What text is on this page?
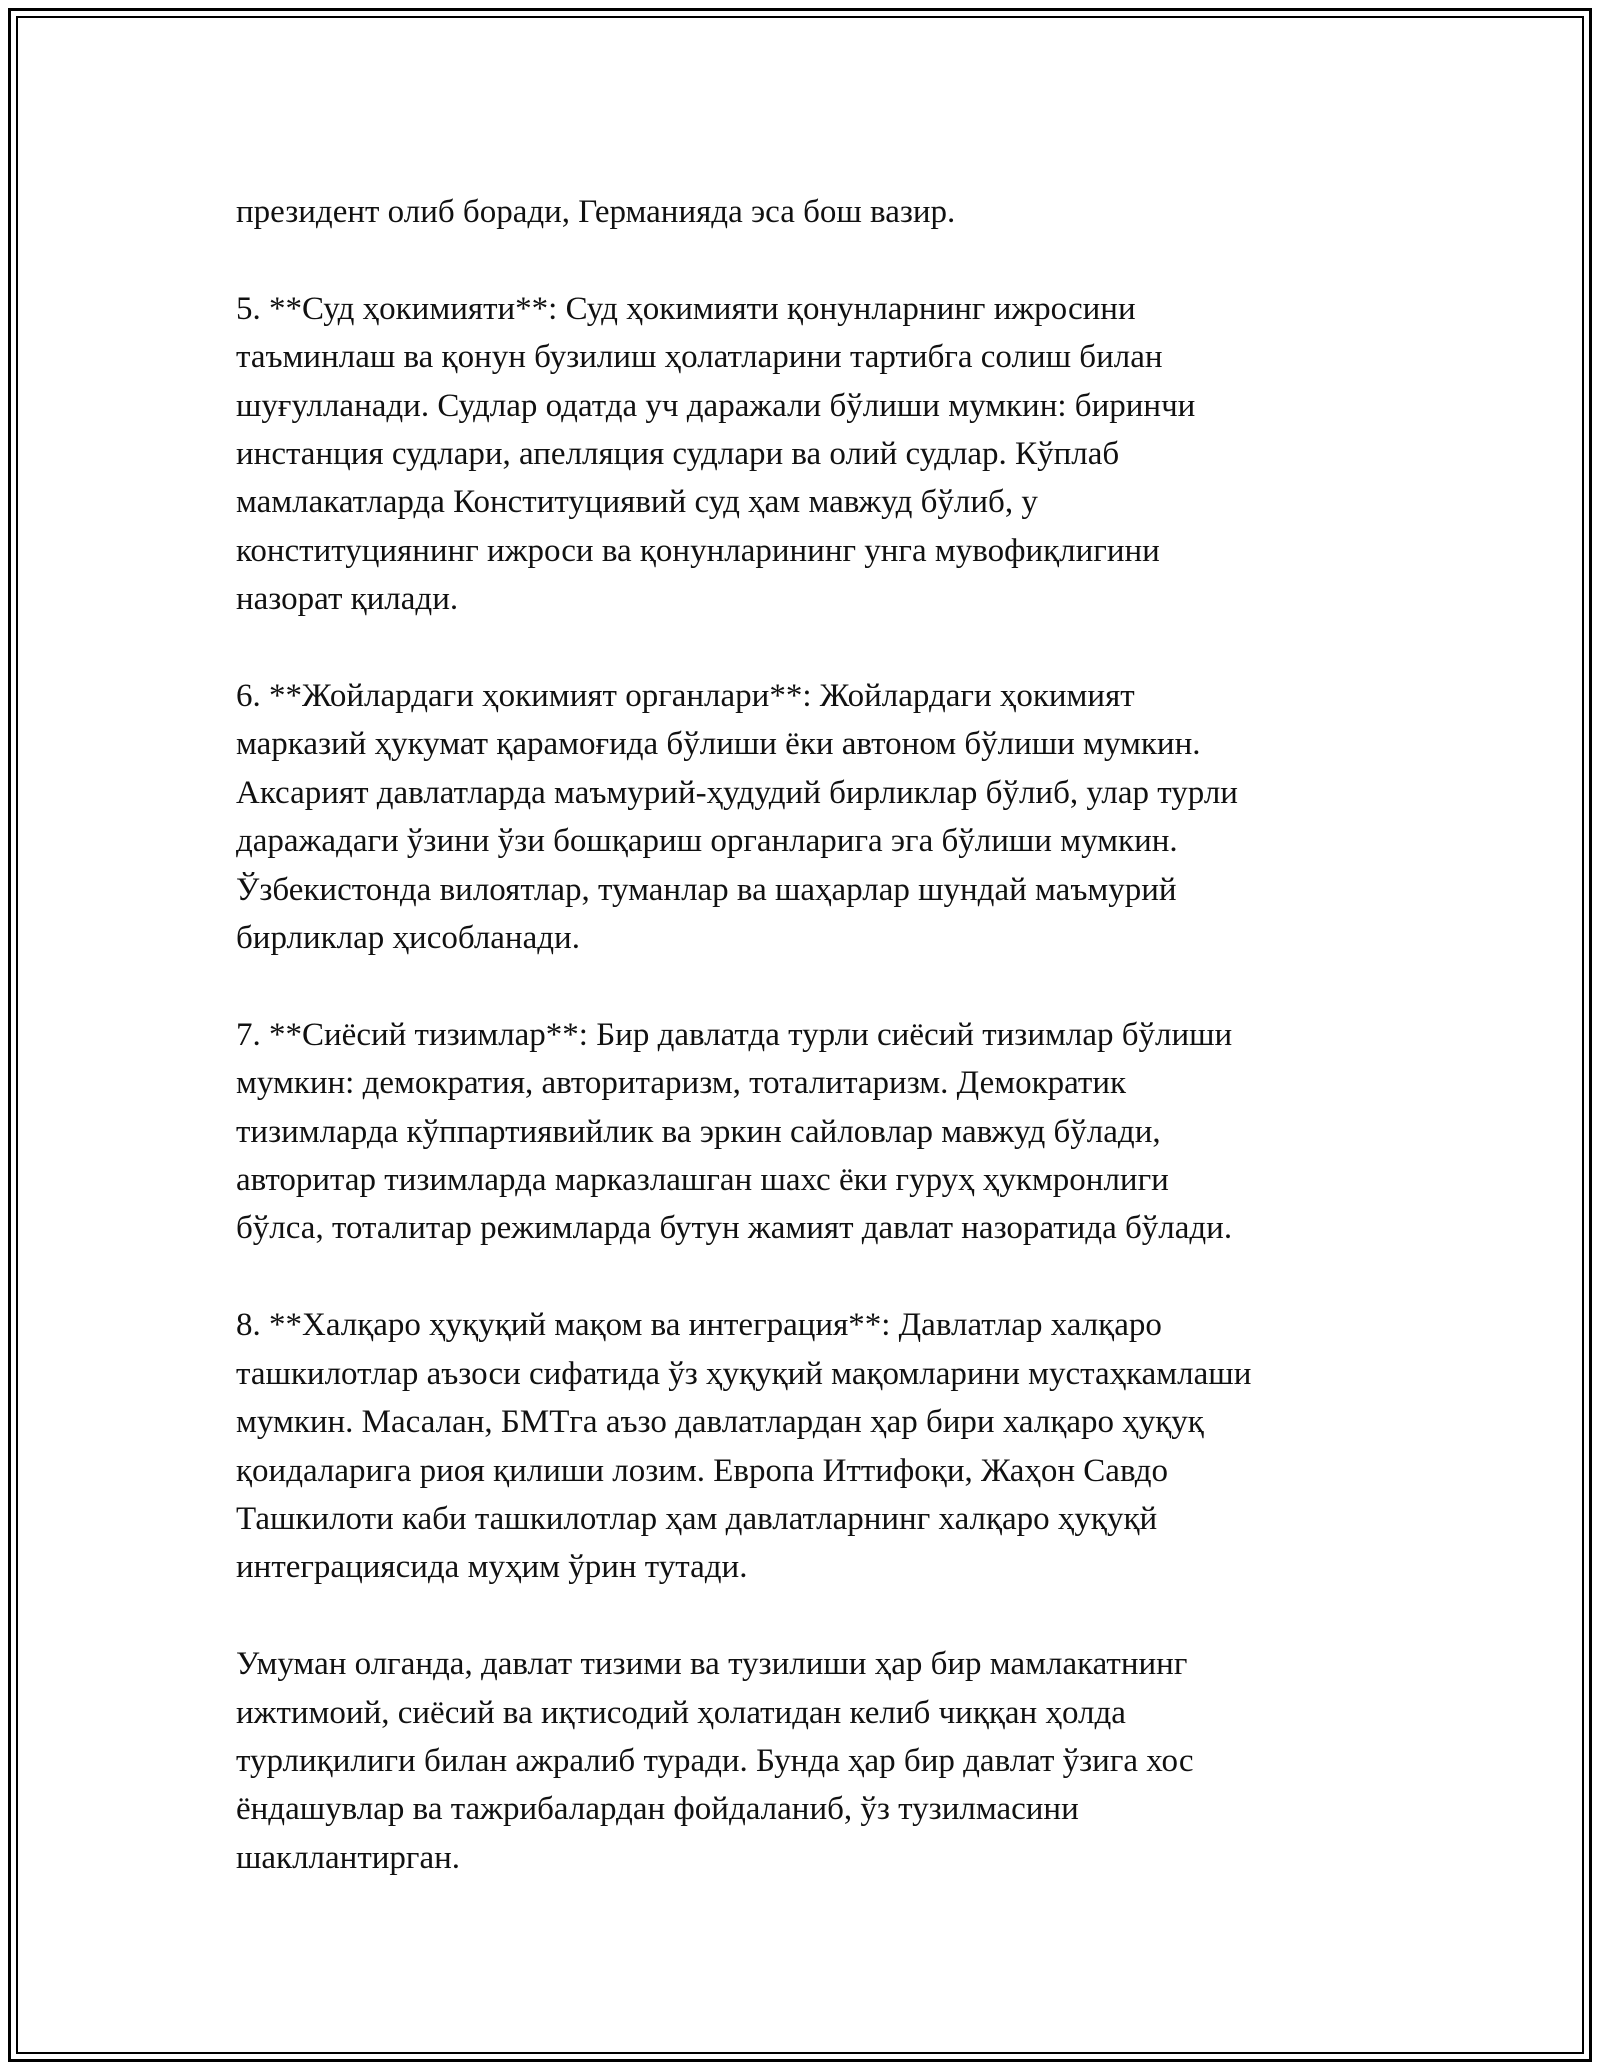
президент олиб боради, Германияда эса бош вазир.

5. **Суд ҳокимияти**: Суд ҳокимияти қонунларнинг ижросини
таъминлаш ва қонун бузилиш ҳолатларини тартибга солиш билан
шуғулланади. Судлар одатда уч даражали бўлиши мумкин: биринчи
инстанция судлари, апелляция судлари ва олий судлар. Кўплаб
мамлакатларда Конституциявий суд ҳам мавжуд бўлиб, у
конституциянинг ижроси ва қонунларининг унга мувофиқлигини
назорат қилади.

6. **Жойлардаги ҳокимият органлари**: Жойлардаги ҳокимият
марказий ҳукумат қарамоғида бўлиши ёки автоном бўлиши мумкин.
Аксарият давлатларда маъмурий-ҳудудий бирликлар бўлиб, улар турли
даражадаги ўзини ўзи бошқариш органларига эга бўлиши мумкин.
Ўзбекистонда вилоятлар, туманлар ва шаҳарлар шундай маъмурий
бирликлар ҳисобланади.

7. **Сиёсий тизимлар**: Бир давлатда турли сиёсий тизимлар бўлиши
мумкин: демократия, авторитаризм, тоталитаризм. Демократик
тизимларда кўппартиявийлик ва эркин сайловлар мавжуд бўлади,
авторитар тизимларда марказлашган шахс ёки гуруҳ ҳукмронлиги
бўлса, тоталитар режимларда бутун жамият давлат назоратида бўлади.

8. **Халқаро ҳуқуқий мақом ва интеграция**: Давлатлар халқаро
ташкилотлар аъзоси сифатида ўз ҳуқуқий мақомларини мустаҳкамлаши
мумкин. Масалан, БМТга аъзо давлатлардан ҳар бири халқаро ҳуқуқ
қоидаларига риоя қилиши лозим. Европа Иттифоқи, Жаҳон Савдо
Ташкилоти каби ташкилотлар ҳам давлатларнинг халқаро ҳуқуқй
интеграциясида муҳим ўрин тутади.

Умуман олганда, давлат тизими ва тузилиши ҳар бир мамлакатнинг
ижтимоий, сиёсий ва иқтисодий ҳолатидан келиб чиққан ҳолда
турлиқилиги билан ажралиб туради. Бунда ҳар бир давлат ўзига хос
ёндашувлар ва тажрибалардан фойдаланиб, ўз тузилмасини
шакллантирган.
